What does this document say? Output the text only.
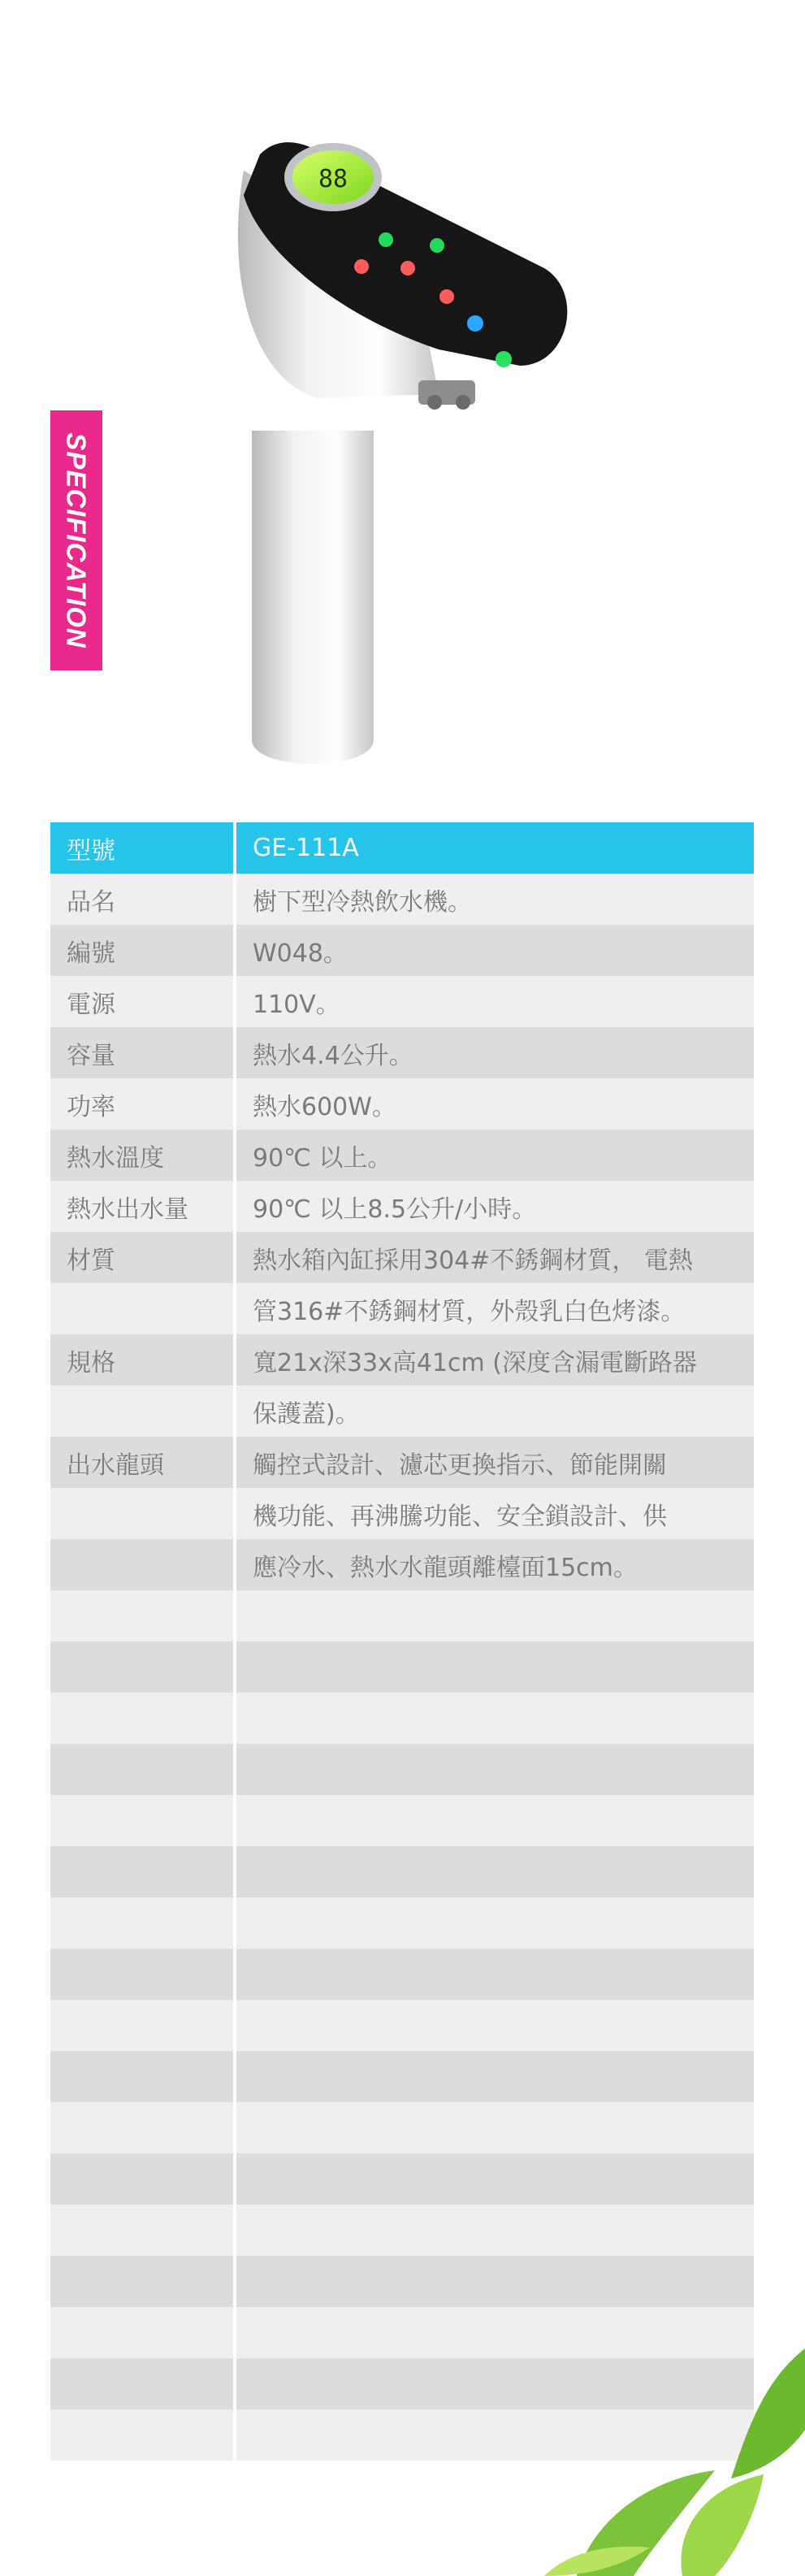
SPECIFICATION
88
型號	GE-111A
品名	樹下型冷熱飲水機。
編號	W048。
電源	110V。
容量	熱水4.4公升。
功率	熱水600W。
熱水溫度	90℃ 以上。
熱水出水量	90℃ 以上8.5公升/小時。
材質	熱水箱內缸採用304#不銹鋼材質， 電熱
	管316#不銹鋼材質，外殼乳白色烤漆。
規格	寬21x深33x高41cm (深度含漏電斷路器
	保護蓋)。
出水龍頭	觸控式設計、濾芯更換指示、節能開關
	機功能、再沸騰功能、安全鎖設計、供
	應冷水、熱水水龍頭離檯面15cm。
